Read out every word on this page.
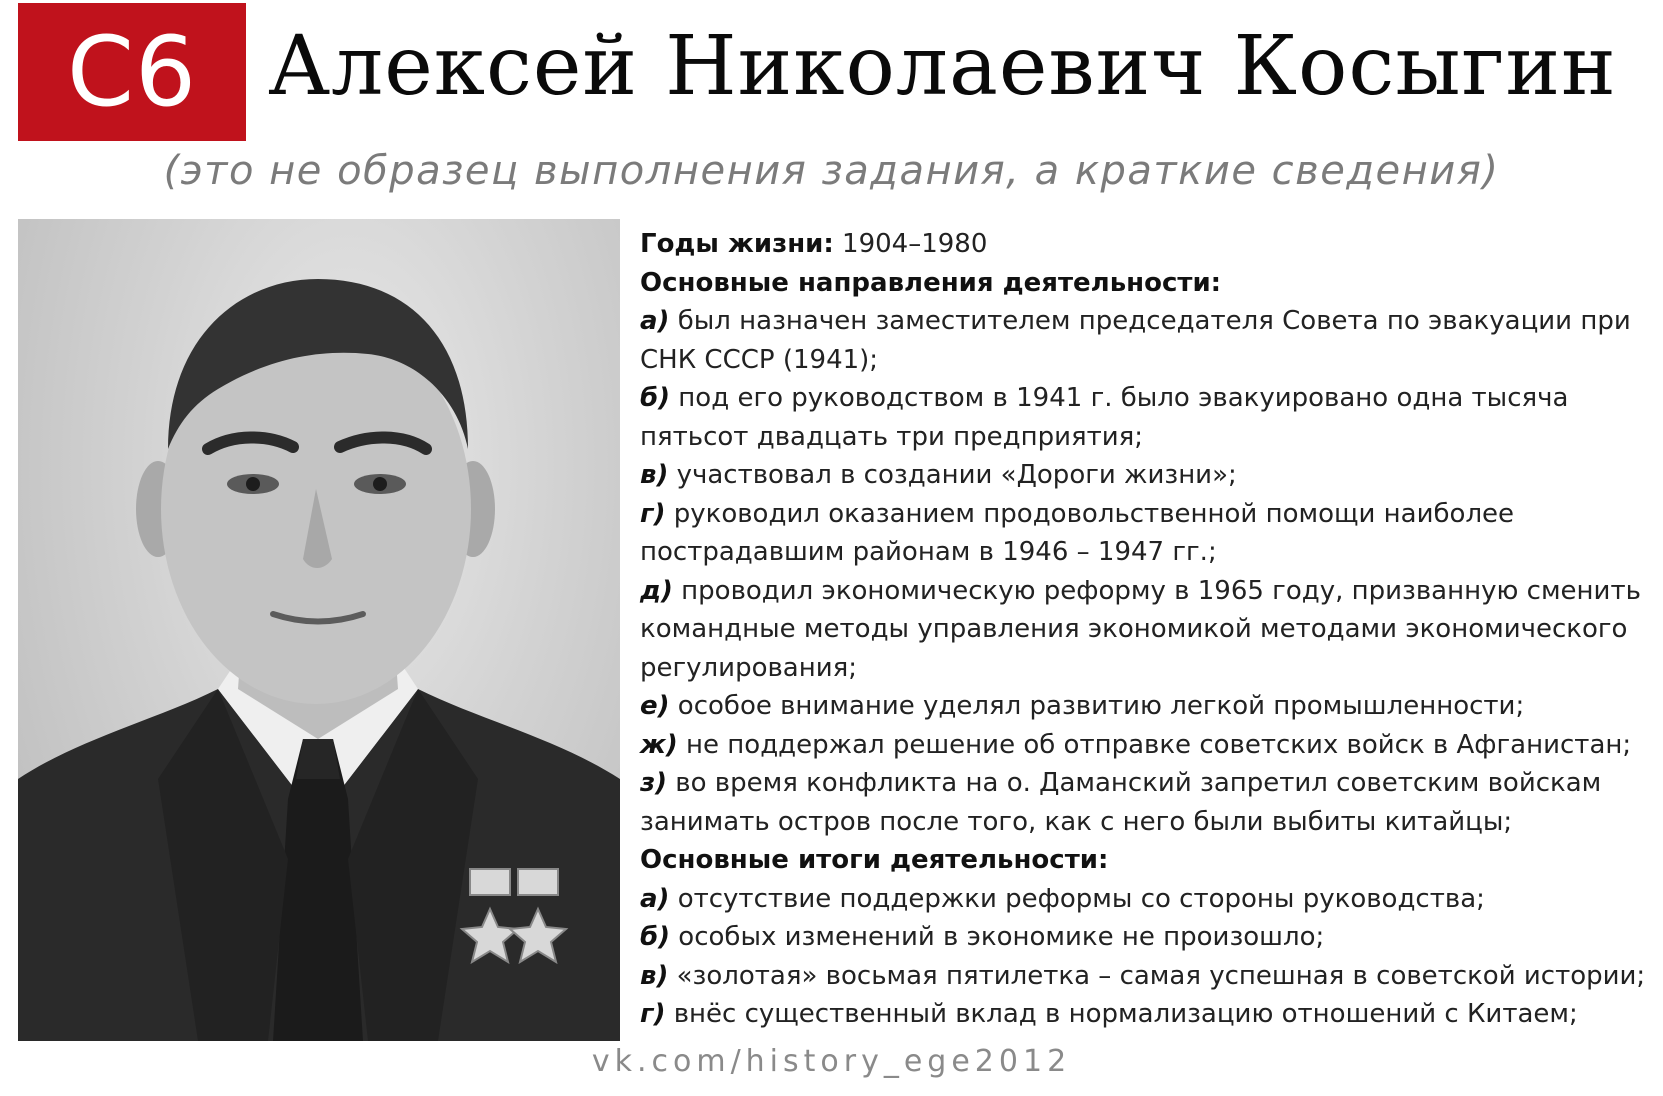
С6 Алексей Николаевич Косыгин
(это не образец выполнения задания, а краткие сведения)

Годы жизни: 1904–1980

Основные направления деятельности:

а) был назначен заместителем председателя Совета по эвакуации при

СНК СССР (1941);

б) под его руководством в 1941 г. было эвакуировано одна тысяча

пятьсот двадцать три предприятия;

в) участвовал в создании «Дороги жизни»;

г) руководил оказанием продовольственной помощи наиболее

пострадавшим районам в 1946 – 1947 гг.;

д) проводил экономическую реформу в 1965 году, призванную сменить

командные методы управления экономикой методами экономического

регулирования;

е) особое внимание уделял развитию легкой промышленности;

ж) не поддержал решение об отправке советских войск в Афганистан;

з) во время конфликта на о. Даманский запретил советским войскам

занимать остров после того, как с него были выбиты китайцы;

Основные итоги деятельности:

а) отсутствие поддержки реформы со стороны руководства;

б) особых изменений в экономике не произошло;

в) «золотая» восьмая пятилетка – самая успешная в советской истории;

г) внёс существенный вклад в нормализацию отношений с Китаем;

vk.com/history_ege2012
